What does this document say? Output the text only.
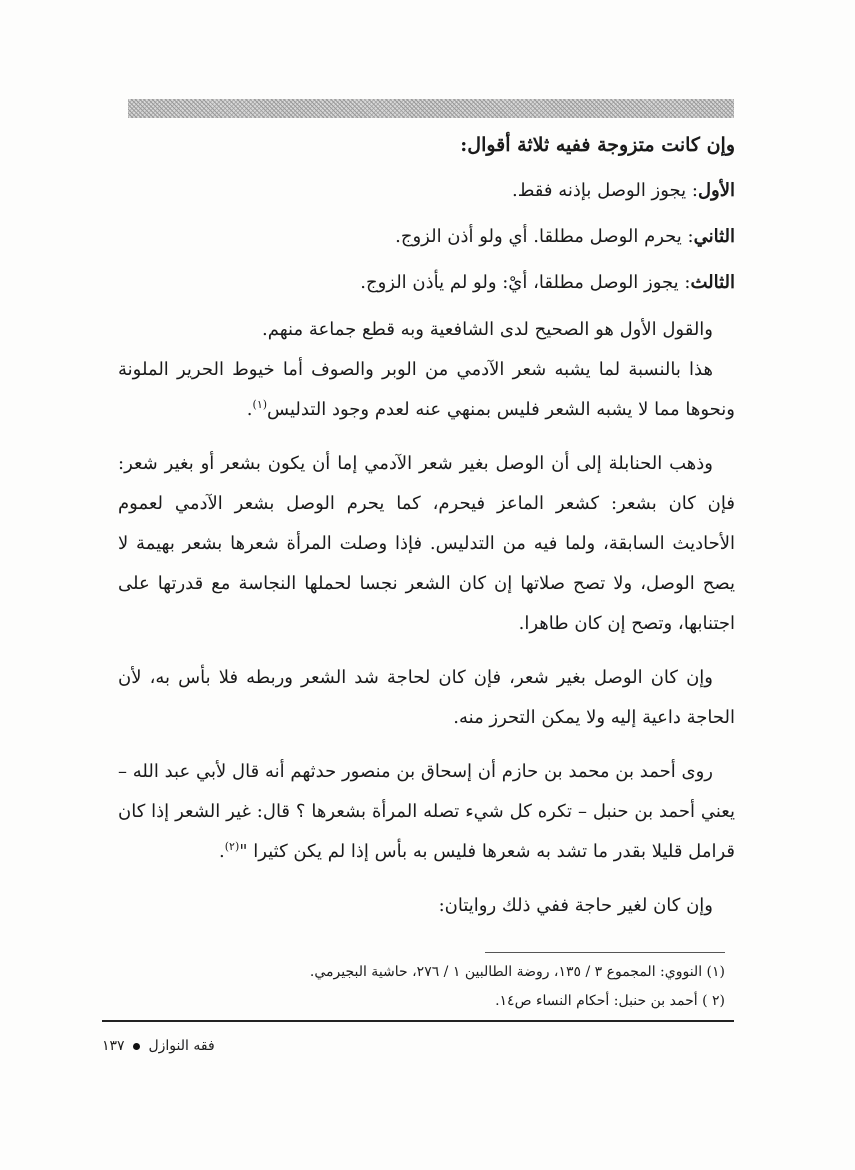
وإن كانت متزوجة ففيه ثلاثة أقوال:

الأول: يجوز الوصل بإذنه فقط.

الثاني: يحرم الوصل مطلقا. أي ولو أذن الزوج.

الثالث: يجوز الوصل مطلقا، أيْ: ولو لم يأذن الزوج.

والقول الأول هو الصحيح لدى الشافعية وبه قطع جماعة منهم.

هذا بالنسبة لما يشبه شعر الآدمي من الوبر والصوف أما خيوط الحرير الملونة ونحوها مما لا يشبه الشعر فليس بمنهي عنه لعدم وجود التدليس$^{(١)}$.

وذهب الحنابلة إلى أن الوصل بغير شعر الآدمي إما أن يكون بشعر أو بغير شعر: فإن كان بشعر: كشعر الماعز فيحرم، كما يحرم الوصل بشعر الآدمي لعموم الأحاديث السابقة، ولما فيه من التدليس. فإذا وصلت المرأة شعرها بشعر بهيمة لا يصح الوصل، ولا تصح صلاتها إن كان الشعر نجسا لحملها النجاسة مع قدرتها على اجتنابها، وتصح إن كان طاهرا.

وإن كان الوصل بغير شعر، فإن كان لحاجة شد الشعر وربطه فلا بأس به، لأن الحاجة داعية إليه ولا يمكن التحرز منه.

روى أحمد بن محمد بن حازم أن إسحاق بن منصور حدثهم أنه قال لأبي عبد الله – يعني أحمد بن حنبل – تكره كل شيء تصله المرأة بشعرها ؟ قال: غير الشعر إذا كان قرامل قليلا بقدر ما تشد به شعرها فليس به بأس إذا لم يكن كثيرا "$^{(٢)}$.

وإن كان لغير حاجة ففي ذلك روايتان:

(١) النووي: المجموع ٣ / ١٣٥، روضة الطالبين ١ / ٢٧٦، حاشية البجيرمي.

(٢ ) أحمد بن حنبل: أحكام النساء ص١٤.

فقه النوازل  ١٣٧
